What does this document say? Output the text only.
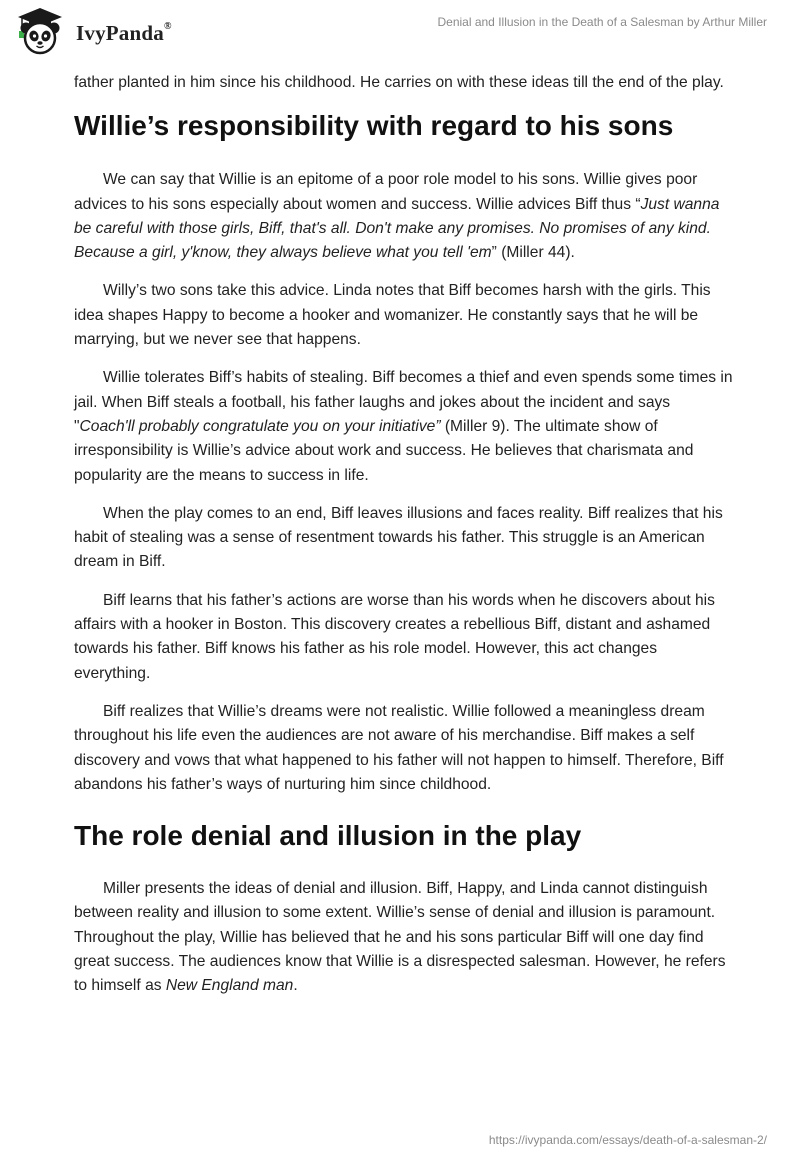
IvyPanda®	Denial and Illusion in the Death of a Salesman by Arthur Miller

father planted in him since his childhood. He carries on with these ideas till the end of the play.

Willie’s responsibility with regard to his sons

We can say that Willie is an epitome of a poor role model to his sons. Willie gives poor advices to his sons especially about women and success. Willie advices Biff thus “Just wanna be careful with those girls, Biff, that's all. Don't make any promises. No promises of any kind. Because a girl, y'know, they always believe what you tell 'em” (Miller 44).

Willy’s two sons take this advice. Linda notes that Biff becomes harsh with the girls. This idea shapes Happy to become a hooker and womanizer. He constantly says that he will be marrying, but we never see that happens.

Willie tolerates Biff’s habits of stealing. Biff becomes a thief and even spends some times in jail. When Biff steals a football, his father laughs and jokes about the incident and says "Coach'll probably congratulate you on your initiative” (Miller 9). The ultimate show of irresponsibility is Willie’s advice about work and success. He believes that charismata and popularity are the means to success in life.

When the play comes to an end, Biff leaves illusions and faces reality. Biff realizes that his habit of stealing was a sense of resentment towards his father. This struggle is an American dream in Biff.

Biff learns that his father’s actions are worse than his words when he discovers about his affairs with a hooker in Boston. This discovery creates a rebellious Biff, distant and ashamed towards his father. Biff knows his father as his role model. However, this act changes everything.

Biff realizes that Willie’s dreams were not realistic. Willie followed a meaningless dream throughout his life even the audiences are not aware of his merchandise. Biff makes a self discovery and vows that what happened to his father will not happen to himself. Therefore, Biff abandons his father’s ways of nurturing him since childhood.

The role denial and illusion in the play

Miller presents the ideas of denial and illusion. Biff, Happy, and Linda cannot distinguish between reality and illusion to some extent. Willie’s sense of denial and illusion is paramount. Throughout the play, Willie has believed that he and his sons particular Biff will one day find great success. The audiences know that Willie is a disrespected salesman. However, he refers to himself as New England man.

https://ivypanda.com/essays/death-of-a-salesman-2/
